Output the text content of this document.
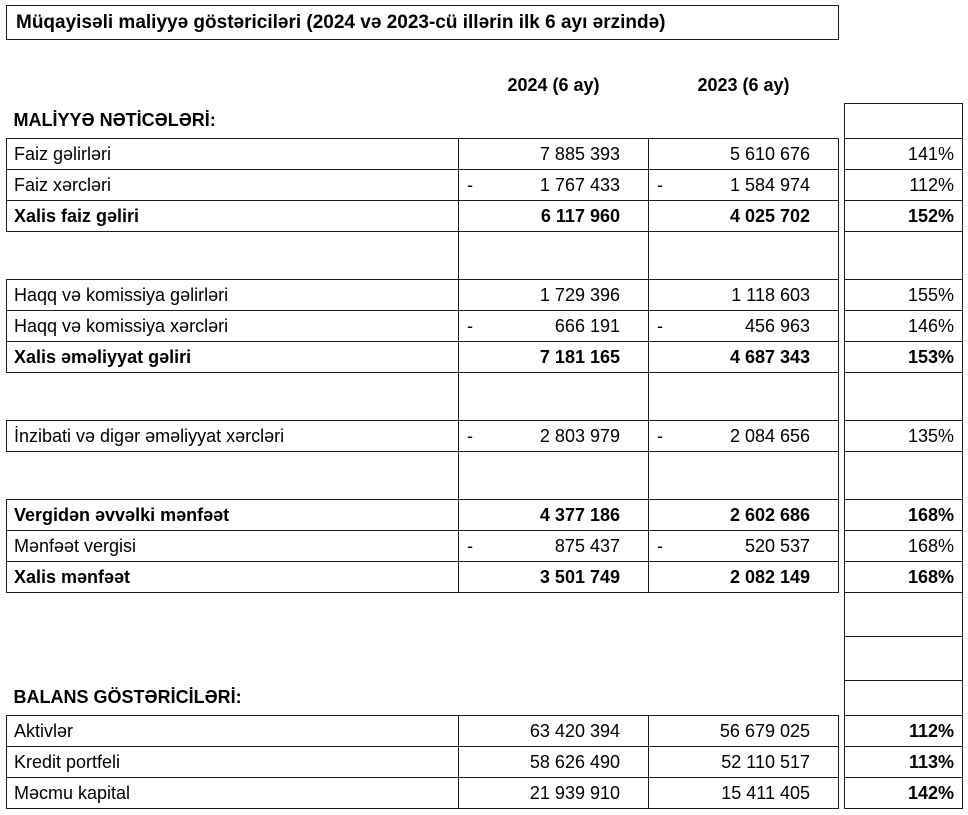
Müqayisəli maliyyə göstəriciləri (2024 və 2023-cü illərin ilk 6 ayı ərzində)				

	2024 (6 ay)	2023 (6 ay)		
MALİYYƏ NƏTİCƏLƏRİ:				
Faiz gəlirləri	7 885 393	5 610 676		141%
Faiz xərcləri	- 1 767 433	- 1 584 974		112%
Xalis faiz gəliri	6 117 960	4 025 702		152%

Haqq və komissiya gəlirləri	1 729 396	1 118 603		155%
Haqq və komissiya xərcləri	- 666 191	- 456 963		146%
Xalis əməliyyat gəliri	7 181 165	4 687 343		153%

İnzibati və digər əməliyyat xərcləri	- 2 803 979	- 2 084 656		135%

Vergidən əvvəlki mənfəət	4 377 186	2 602 686		168%
Mənfəət vergisi	- 875 437	- 520 537		168%
Xalis mənfəət	3 501 749	2 082 149		168%

BALANS GÖSTƏRİCİLƏRİ:				
Aktivlər	63 420 394	56 679 025		112%
Kredit portfeli	58 626 490	52 110 517		113%
Məcmu kapital	21 939 910	15 411 405		142%
